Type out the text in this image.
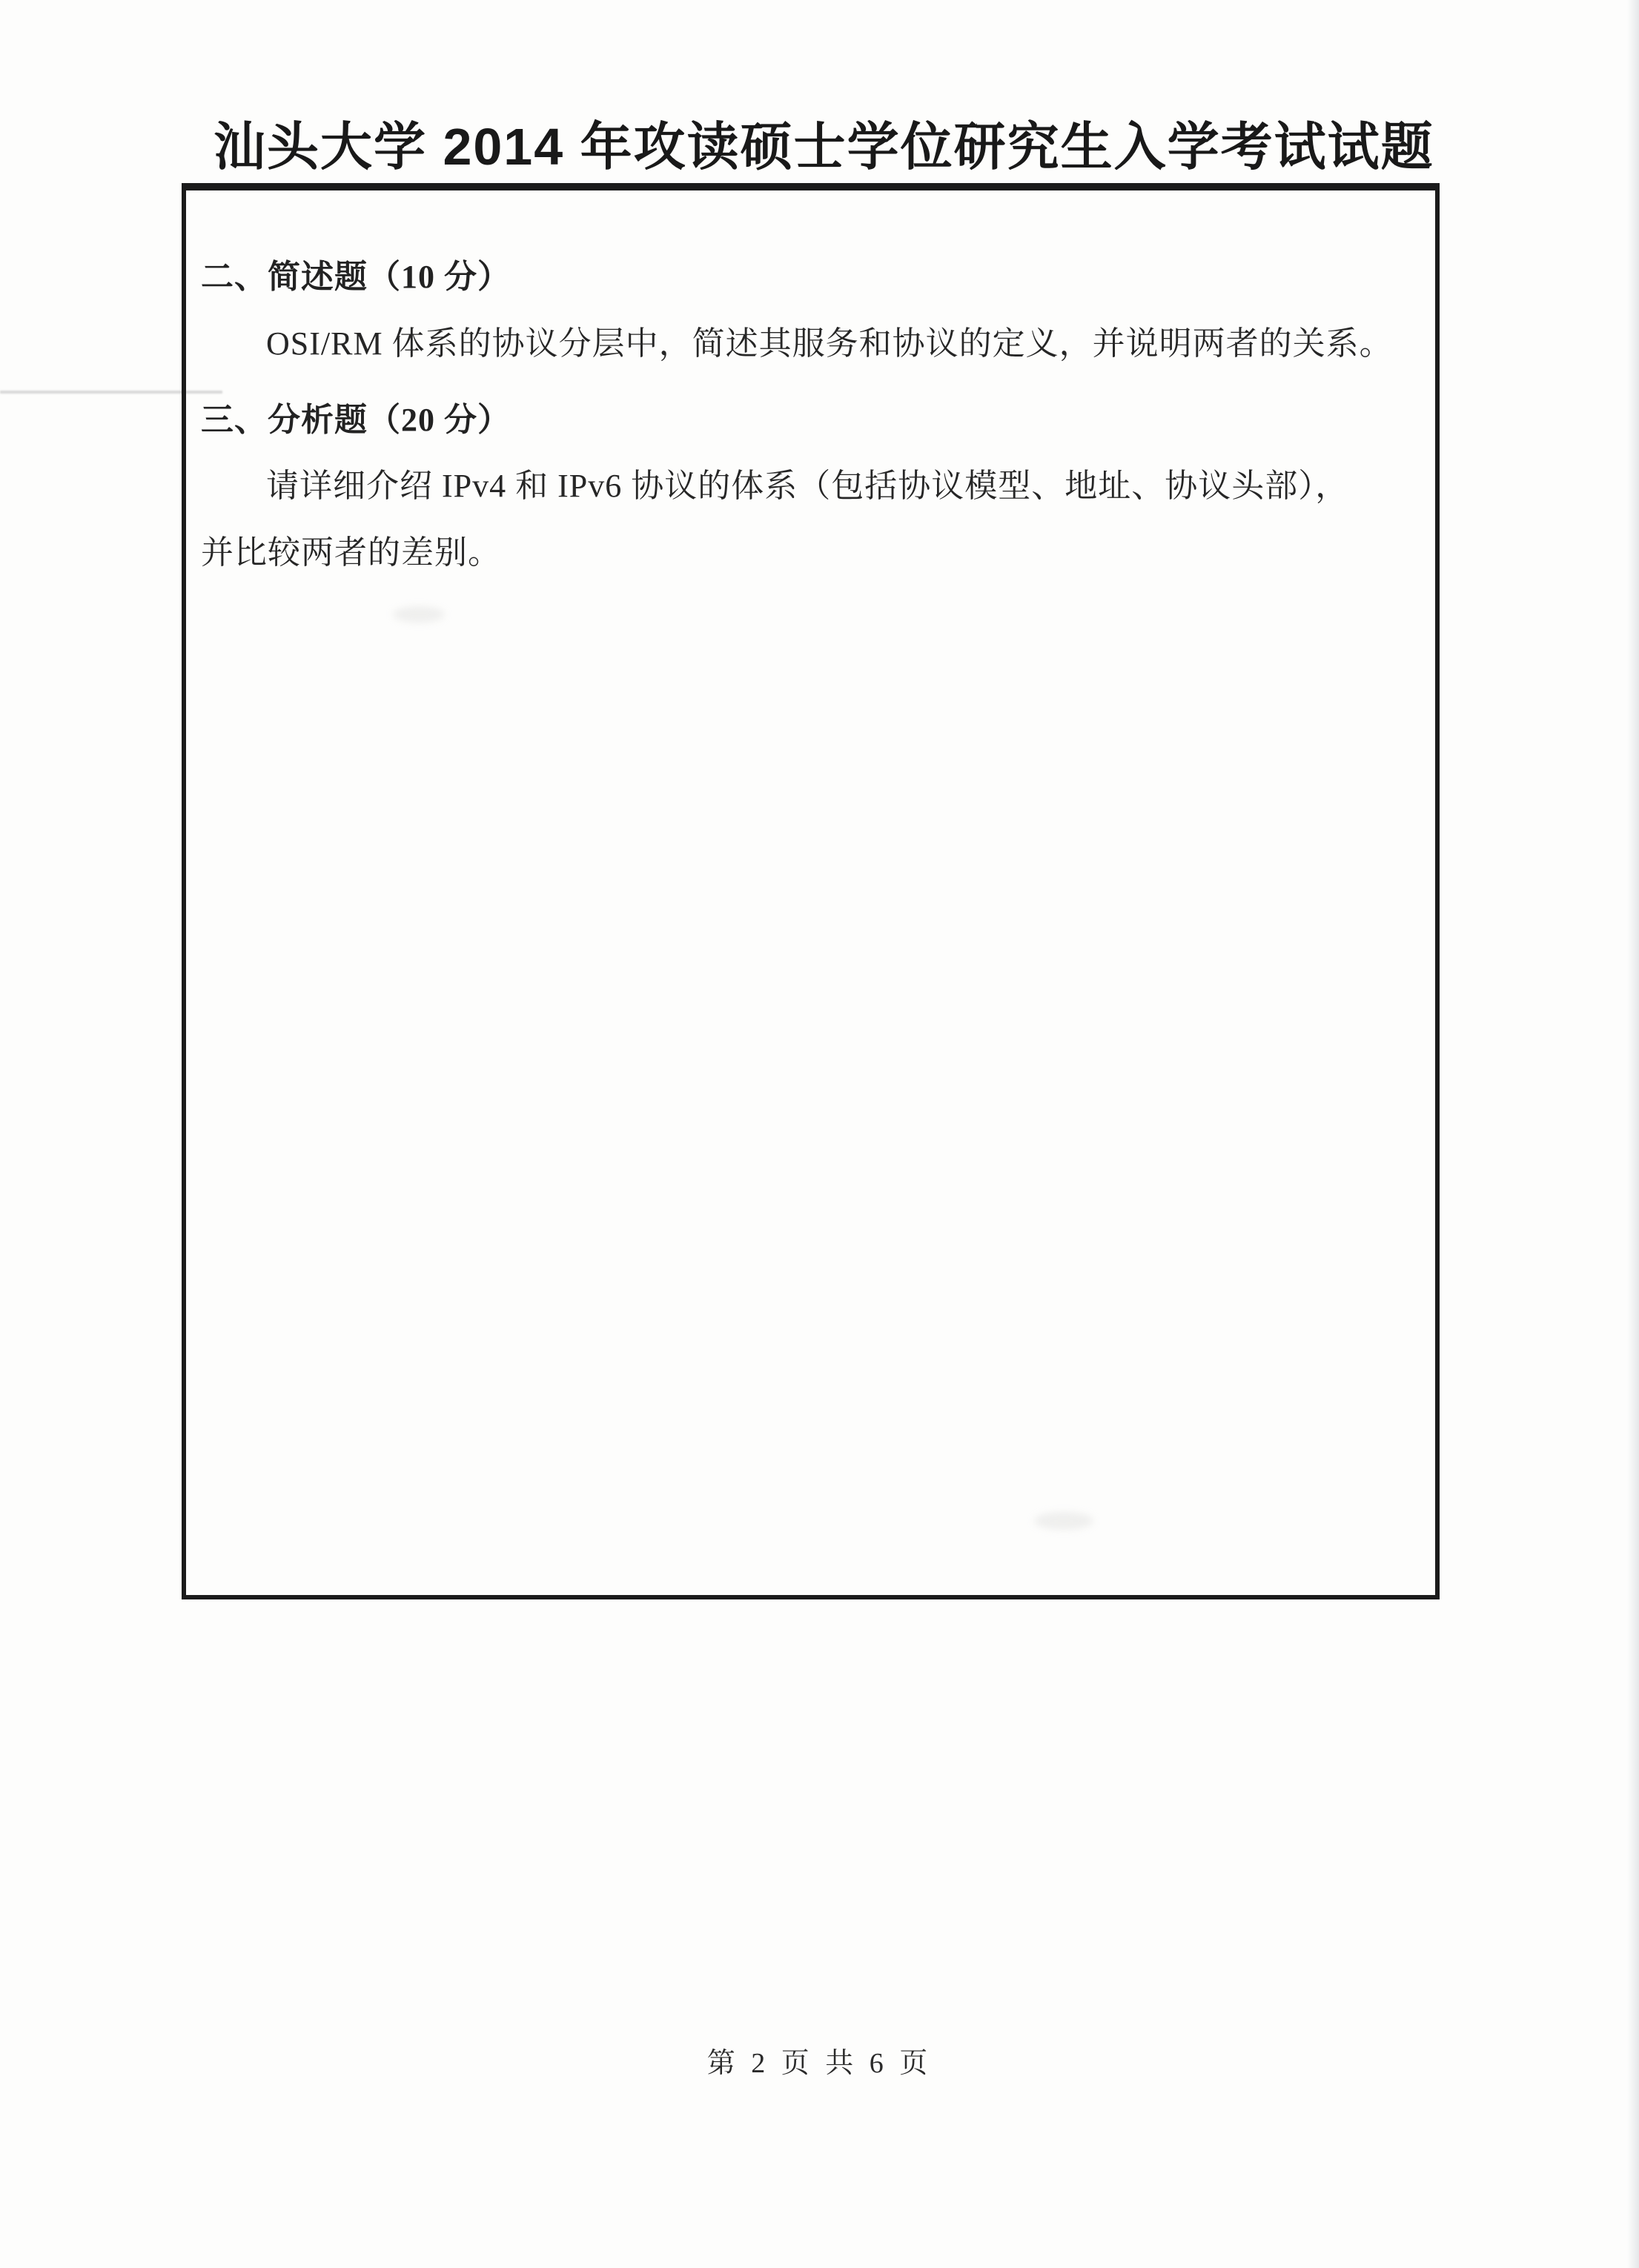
汕头大学 2014 年攻读硕士学位研究生入学考试试题
二、简述题（10 分）

OSI/RM 体系的协议分层中，简述其服务和协议的定义，并说明两者的关系。

三、分析题（20 分）

请详细介绍 IPv4 和 IPv6 协议的体系（包括协议模型、地址、协议头部），
并比较两者的差别。

第 2 页 共 6 页
